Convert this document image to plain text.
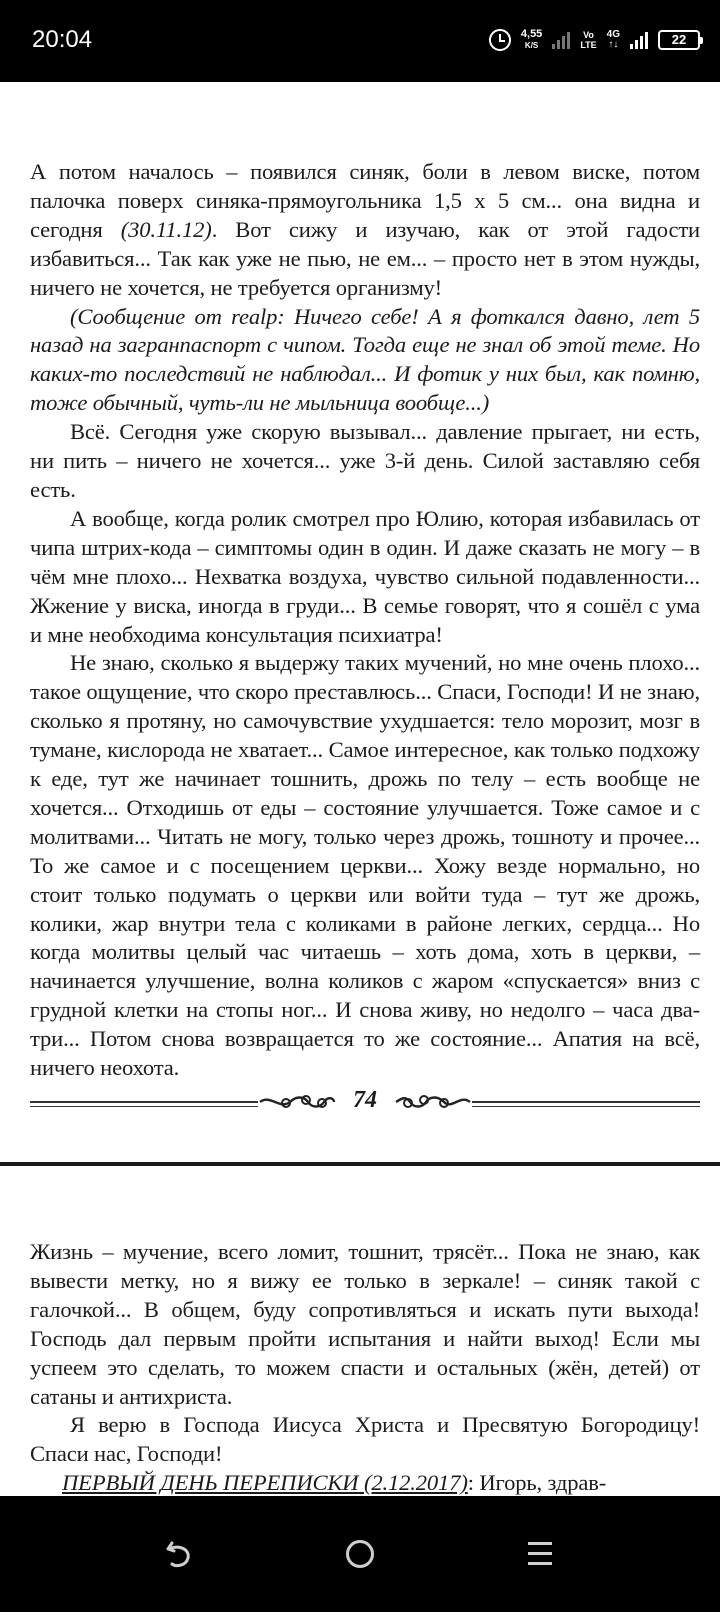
20:04	4,55
K/S
Vo
LTE
4G
↑↓	22

А потом началось – появился синяк, боли в левом виске, потом палочка поверх синяка-прямоугольника 1,5 х 5 см... она видна и сегодня (30.11.12). Вот сижу и изучаю, как от этой гадости избавиться... Так как уже не пью, не ем... – просто нет в этом нужды, ничего не хочется, не требуется организму!

(Сообщение от realp: Ничего себе! А я фоткался давно, лет 5 назад на загранпаспорт с чипом. Тогда еще не знал об этой теме. Но каких-то последствий не наблюдал... И фотик у них был, как помню, тоже обычный, чуть-ли не мыльница вообще...)

Всё. Сегодня уже скорую вызывал... давление прыгает, ни есть, ни пить – ничего не хочется... уже 3-й день. Силой заставляю себя есть.

А вообще, когда ролик смотрел про Юлию, которая избавилась от чипа штрих-кода – симптомы один в один. И даже сказать не могу – в чём мне плохо... Нехватка воздуха, чувство сильной подавленности... Жжение у виска, иногда в груди... В семье говорят, что я сошёл с ума и мне необходима консультация психиатра!

Не знаю, сколько я выдержу таких мучений, но мне очень плохо... такое ощущение, что скоро преставлюсь... Спаси, Господи! И не знаю, сколько я протяну, но самочувствие ухудшается: тело морозит, мозг в тумане, кислорода не хватает... Самое интересное, как только подхожу к еде, тут же начинает тошнить, дрожь по телу – есть вообще не хочется... Отходишь от еды – состояние улучшается. Тоже самое и с молитвами... Читать не могу, только через дрожь, тошноту и прочее... То же самое и с посещением церкви... Хожу везде нормально, но стоит только подумать о церкви или войти туда – тут же дрожь, колики, жар внутри тела с коликами в районе легких, сердца... Но когда молитвы целый час читаешь – хоть дома, хоть в церкви, – начинается улучшение, волна коликов с жаром «спускается» вниз с грудной клетки на стопы ног... И снова живу, но недолго – часа два-три... Потом снова возвращается то же состояние... Апатия на всё, ничего неохота.

74

Жизнь – мучение, всего ломит, тошнит, трясёт... Пока не знаю, как вывести метку, но я вижу ее только в зеркале! – синяк такой с галочкой... В общем, буду сопротивляться и искать пути выхода! Господь дал первым пройти испытания и найти выход! Если мы успеем это сделать, то можем спасти и остальных (жён, детей) от сатаны и антихриста.

Я верю в Господа Иисуса Христа и Пресвятую Богородицу! Спаси нас, Господи!

ПЕРВЫЙ ДЕНЬ ПЕРЕПИСКИ (2.12.2017): Игорь, здрав-
